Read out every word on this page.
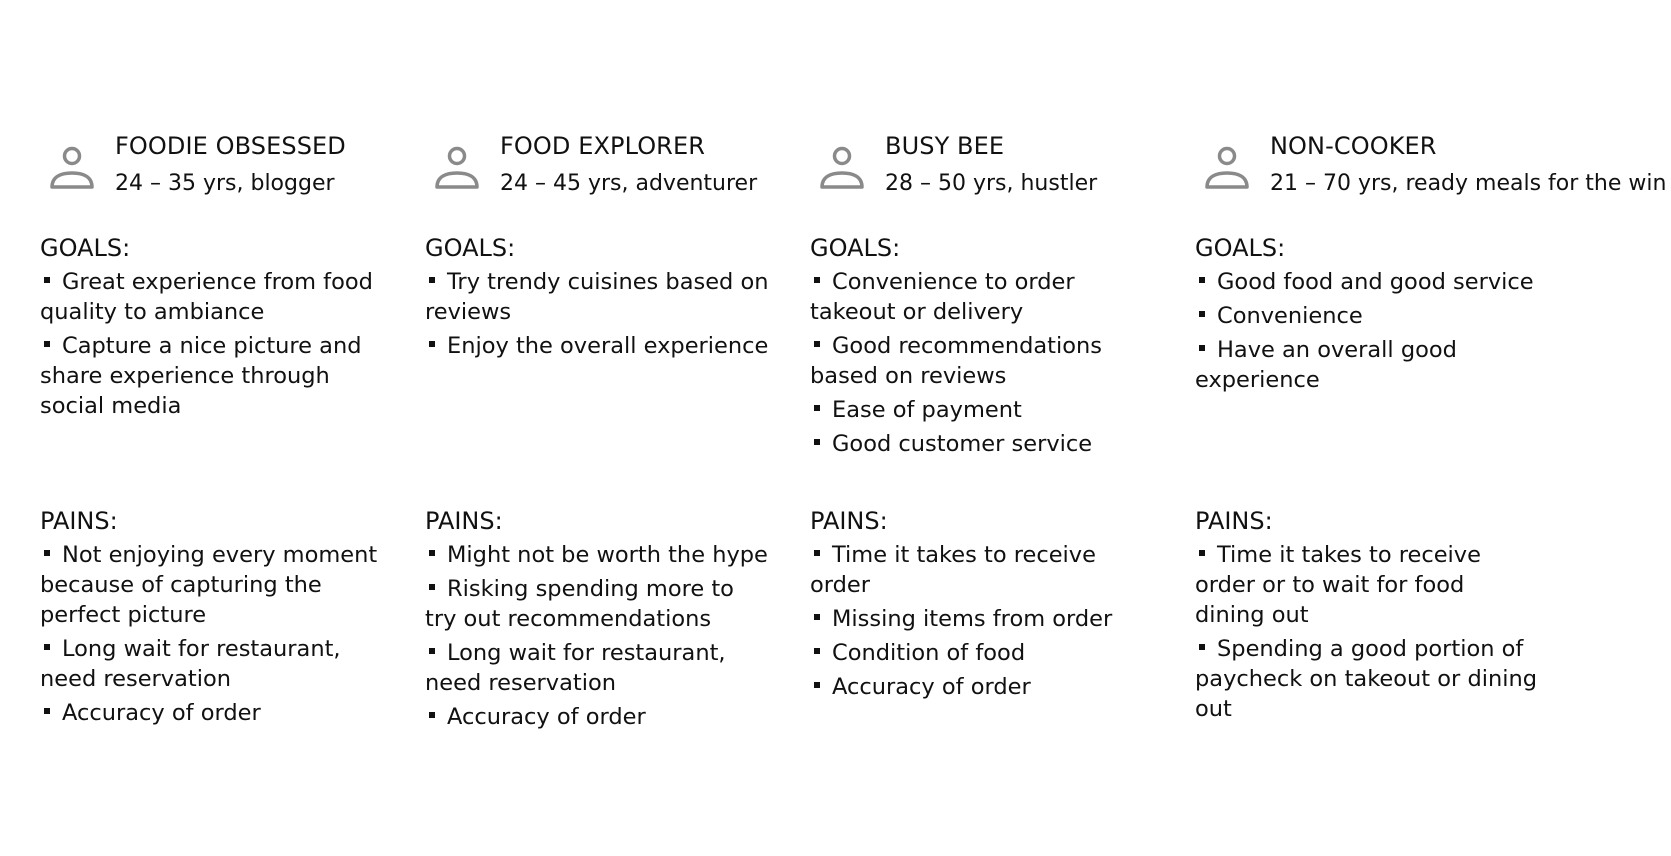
FOODIE OBSESSED
24 – 35 yrs, blogger
GOALS:
Great experience from food quality to ambiance
Capture a nice picture and share experience through social media
PAINS:
Not enjoying every moment because of capturing the perfect picture
Long wait for restaurant, need reservation
Accuracy of order
FOOD EXPLORER
24 – 45 yrs, adventurer
GOALS:
Try trendy cuisines based on reviews
Enjoy the overall experience
PAINS:
Might not be worth the hype
Risking spending more to try out recommendations
Long wait for restaurant, need reservation
Accuracy of order
BUSY BEE
28 – 50 yrs, hustler
GOALS:
Convenience to order takeout or delivery
Good recommendations based on reviews
Ease of payment
Good customer service
PAINS:
Time it takes to receive order
Missing items from order
Condition of food
Accuracy of order
NON-COOKER
21 – 70 yrs, ready meals for the win
GOALS:
Good food and good service
Convenience
Have an overall good experience
PAINS:
Time it takes to receive order or to wait for food dining out
Spending a good portion of paycheck on takeout or dining out
